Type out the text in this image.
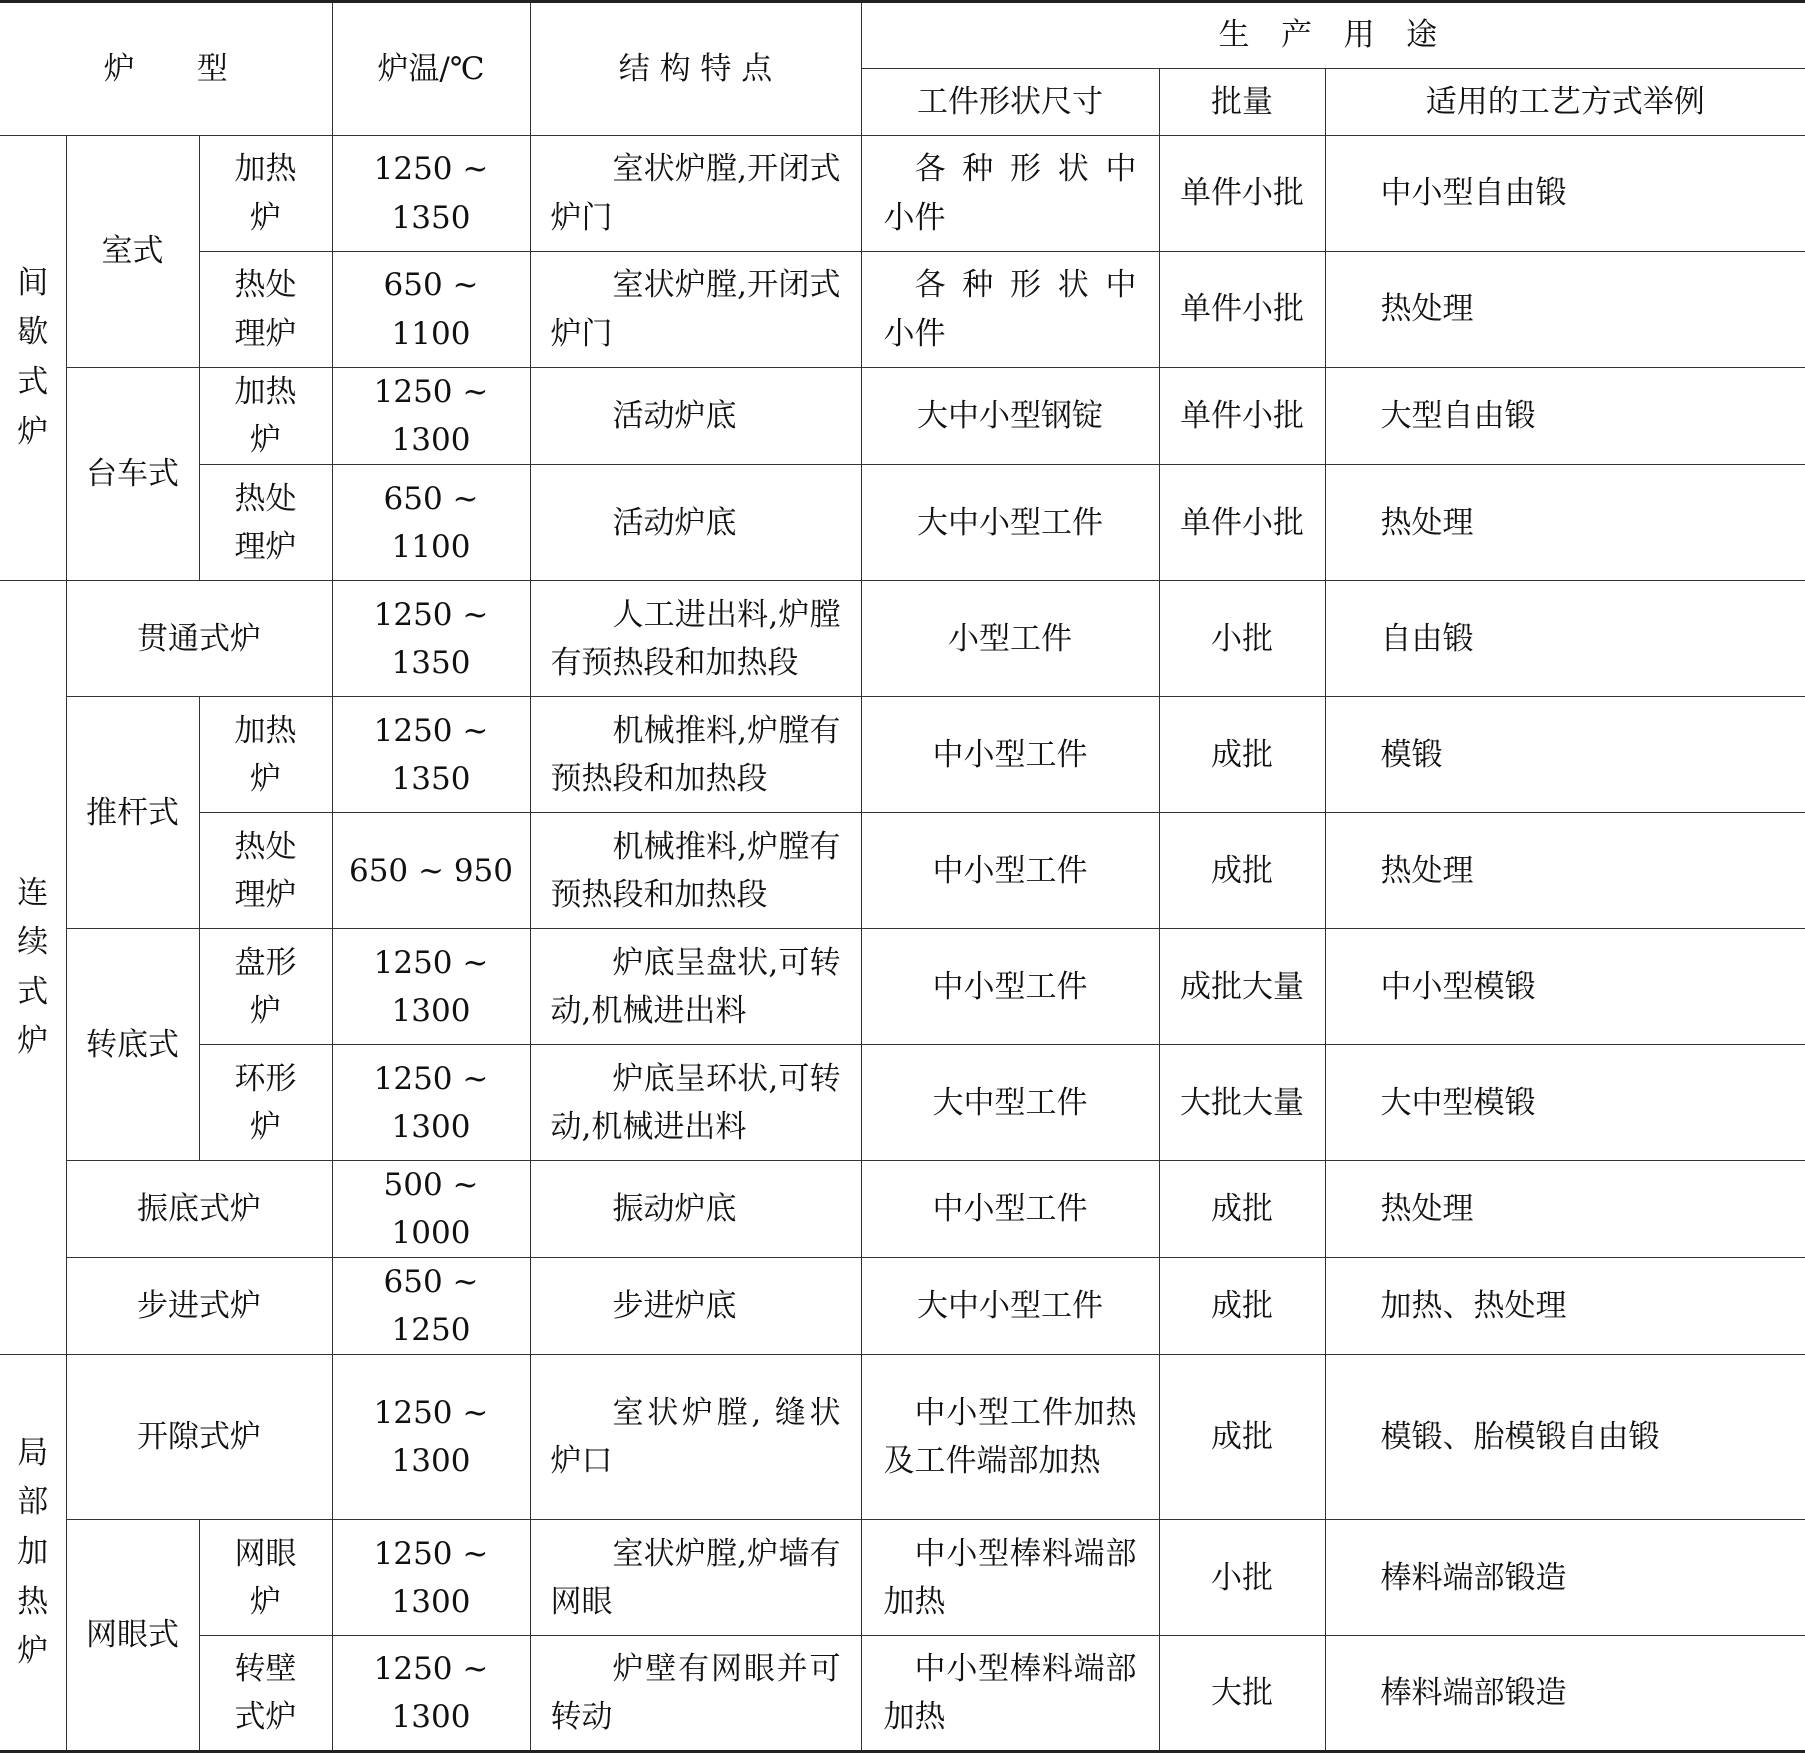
炉　　型			炉温/℃	结 构 特 点	生 产 用 途		
					工件形状尺寸	批量	适用的工艺方式举例
间歇式炉	室式	加热炉	1250 ~ 1350	室状炉膛,开闭式炉门	各 种 形 状 中 小件	单件小批	中小型自由锻
		热处理炉	650 ~ 1100	室状炉膛,开闭式炉门	各 种 形 状 中 小件	单件小批	热处理
	台车式	加热炉	1250 ~ 1300	活动炉底	大中小型钢锭	单件小批	大型自由锻
		热处理炉	650 ~ 1100	活动炉底	大中小型工件	单件小批	热处理
连续式炉	贯通式炉		1250 ~ 1350	人工进出料,炉膛有预热段和加热段	小型工件	小批	自由锻
	推杆式	加热炉	1250 ~ 1350	机械推料,炉膛有预热段和加热段	中小型工件	成批	模锻
		热处理炉	650 ~ 950	机械推料,炉膛有预热段和加热段	中小型工件	成批	热处理
	转底式	盘形炉	1250 ~ 1300	炉底呈盘状,可转动,机械进出料	中小型工件	成批大量	中小型模锻
		环形炉	1250 ~ 1300	炉底呈环状,可转动,机械进出料	大中型工件	大批大量	大中型模锻
	振底式炉		500 ~ 1000	振动炉底	中小型工件	成批	热处理
	步进式炉		650 ~ 1250	步进炉底	大中小型工件	成批	加热、热处理
局部加热炉	开隙式炉		1250 ~ 1300	室状炉膛, 缝状炉口	中小型工件加热及工件端部加热	成批	模锻、胎模锻自由锻
	网眼式	网眼炉	1250 ~ 1300	室状炉膛,炉墙有网眼	中小型棒料端部加热	小批	棒料端部锻造
		转壁式炉	1250 ~ 1300	炉壁有网眼并可转动	中小型棒料端部加热	大批	棒料端部锻造
